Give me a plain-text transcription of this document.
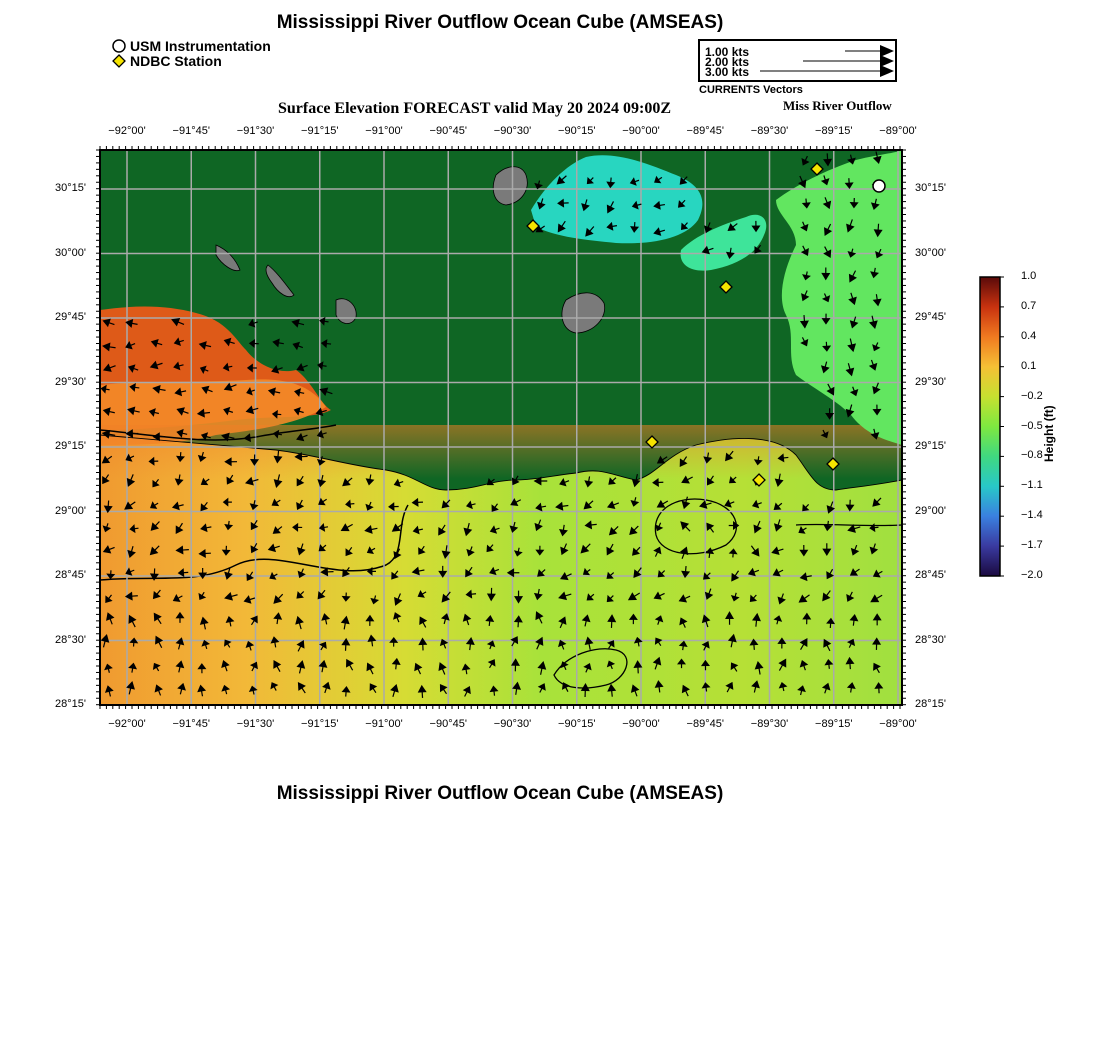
Mississippi River Outflow Ocean Cube (AMSEAS)
USM Instrumentation
NDBC Station
1.00 kts
2.00 kts
3.00 kts
CURRENTS Vectors
Surface Elevation FORECAST valid May 20 2024 09:00Z	Miss River Outflow
−92°00' −91°45' −91°30' −91°15' −91°00' −90°45' −90°30' −90°15' −90°00' −89°45' −89°30' −89°15' −89°00'
−92°00' −91°45' −91°30' −91°15' −91°00' −90°45' −90°30' −90°15' −90°00' −89°45' −89°30' −89°15' −89°00'
30°15'
30°00'
29°45'
29°30'
29°15'
29°00'
28°45'
28°30'
28°15'
30°15'
30°00'
29°45'
29°30'
29°15'
29°00'
28°45'
28°30'
28°15'
1.0
0.7
0.4
0.1
−0.2
−0.5
−0.8
−1.1
−1.4
−1.7
−2.0
Height (ft)
Mississippi River Outflow Ocean Cube (AMSEAS)
